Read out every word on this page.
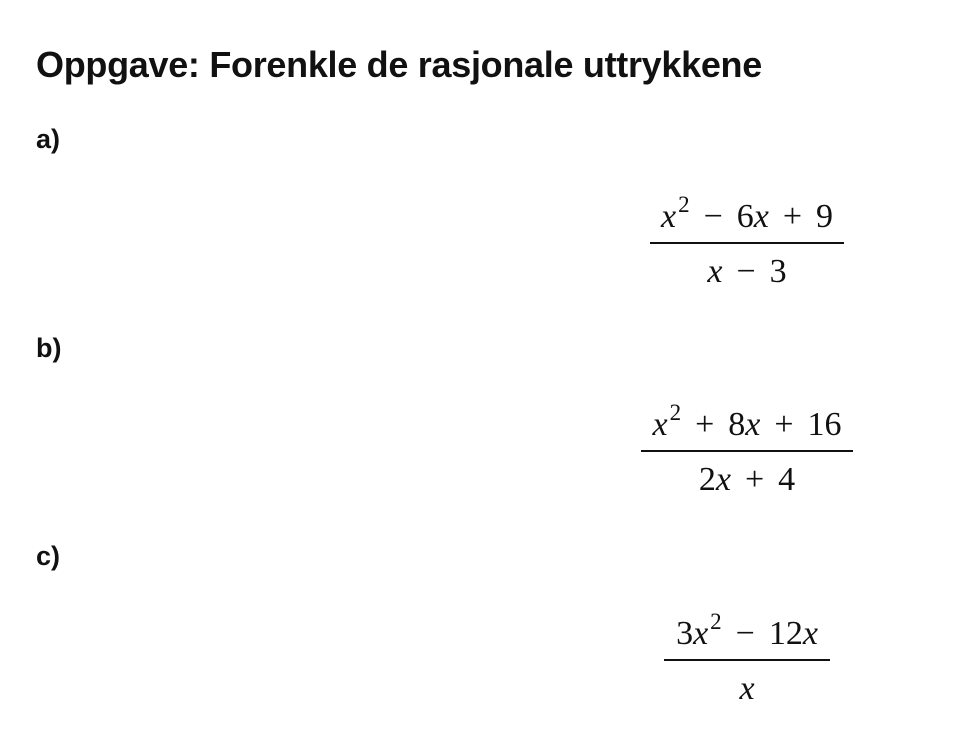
Oppgave: Forenkle de rasjonale uttrykkene
a)
x 2 − 6 x + 9
x − 3
b)
x 2 + 8 x + 16
2 x + 4
c)
3 x 2 − 12 x
x
